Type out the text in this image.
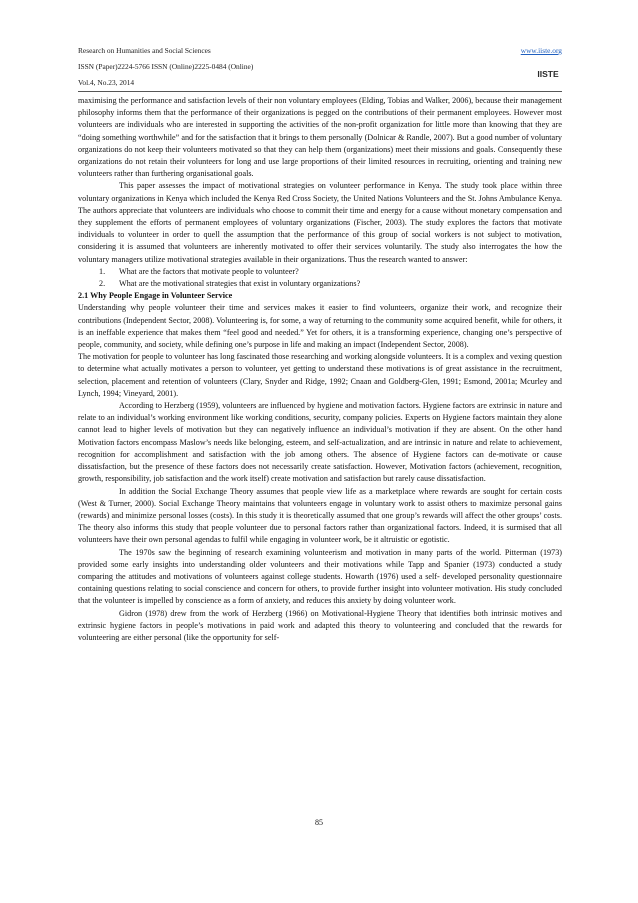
Research on Humanities and Social Sciences
ISSN (Paper)2224-5766 ISSN (Online)2225-0484 (Online)
Vol.4, No.23, 2014
www.iiste.org
IISTE

maximising the performance and satisfaction levels of their non voluntary employees (Elding, Tobias and Walker, 2006), because their management philosophy informs them that the performance of their organizations is pegged on the contributions of their permanent employees. However most volunteers are individuals who are interested in supporting the activities of the non-profit organization for little more than knowing that they are “doing something worthwhile” and for the satisfaction that it brings to them personally (Dolnicar & Randle, 2007). But a good number of voluntary organizations do not keep their volunteers motivated so that they can help them (organizations) meet their missions and goals. Consequently these organizations do not retain their volunteers for long and use large proportions of their limited resources in recruiting, orienting and training new volunteers rather than furthering organisational goals.

This paper assesses the impact of motivational strategies on volunteer performance in Kenya. The study took place within three voluntary organizations in Kenya which included the Kenya Red Cross Society, the United Nations Volunteers and the St. Johns Ambulance Kenya. The authors appreciate that volunteers are individuals who choose to commit their time and energy for a cause without monetary compensation and they supplement the efforts of permanent employees of voluntary organizations (Fischer, 2003). The study explores the factors that motivate individuals to volunteer in order to quell the assumption that the performance of this group of social workers is not subject to motivation, considering it is assumed that volunteers are inherently motivated to offer their services voluntarily. The study also interrogates the how the voluntary managers utilize motivational strategies available in their organizations. Thus the research wanted to answer:

1. What are the factors that motivate people to volunteer?
2. What are the motivational strategies that exist in voluntary organizations?

2.1 Why People Engage in Volunteer Service

Understanding why people volunteer their time and services makes it easier to find volunteers, organize their work, and recognize their contributions (Independent Sector, 2008). Volunteering is, for some, a way of returning to the community some acquired benefit, while for others, it is an ineffable experience that makes them “feel good and needed.” Yet for others, it is a transforming experience, changing one’s perspective of people, community, and society, while defining one’s purpose in life and making an impact (Independent Sector, 2008).

The motivation for people to volunteer has long fascinated those researching and working alongside volunteers. It is a complex and vexing question to determine what actually motivates a person to volunteer, yet getting to understand these motivations is of great assistance in the recruitment, selection, placement and retention of volunteers (Clary, Snyder and Ridge, 1992; Cnaan and Goldberg-Glen, 1991; Esmond, 2001a; Mcurley and Lynch, 1994; Vineyard, 2001).

According to Herzberg (1959), volunteers are influenced by hygiene and motivation factors. Hygiene factors are extrinsic in nature and relate to an individual’s working environment like working conditions, security, company policies. Experts on Hygiene factors maintain they alone cannot lead to higher levels of motivation but they can negatively influence an individual’s motivation if they are absent. On the other hand Motivation factors encompass Maslow’s needs like belonging, esteem, and self-actualization, and are intrinsic in nature and relate to achievement, recognition for accomplishment and satisfaction with the job among others. The absence of Hygiene factors can de-motivate or cause dissatisfaction, but the presence of these factors does not necessarily create satisfaction. However, Motivation factors (achievement, recognition, growth, responsibility, job satisfaction and the work itself) create motivation and satisfaction but rarely cause dissatisfaction.

In addition the Social Exchange Theory assumes that people view life as a marketplace where rewards are sought for certain costs (West & Turner, 2000). Social Exchange Theory maintains that volunteers engage in voluntary work to assist others to maximize personal gains (rewards) and minimize personal losses (costs). In this study it is theoretically assumed that one group’s rewards will affect the other groups’ costs. The theory also informs this study that people volunteer due to personal factors rather than organizational factors. Indeed, it is surmised that all volunteers have their own personal agendas to fulfil while engaging in volunteer work, be it altruistic or egotistic.

The 1970s saw the beginning of research examining volunteerism and motivation in many parts of the world. Pitterman (1973) provided some early insights into understanding older volunteers and their motivations while Tapp and Spanier (1973) conducted a study comparing the attitudes and motivations of volunteers against college students. Howarth (1976) used a self- developed personality questionnaire containing questions relating to social conscience and concern for others, to provide further insight into volunteer motivation. His study concluded that the volunteer is impelled by conscience as a form of anxiety, and reduces this anxiety by doing volunteer work.

Gidron (1978) drew from the work of Herzberg (1966) on Motivational-Hygiene Theory that identifies both intrinsic motives and extrinsic hygiene factors in people’s motivations in paid work and adapted this theory to volunteering and concluded that the rewards for volunteering are either personal (like the opportunity for self-

85
